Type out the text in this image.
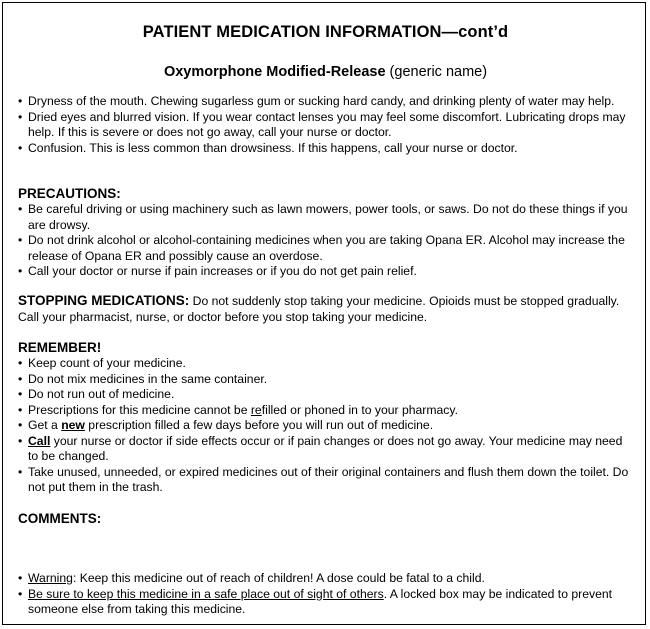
PATIENT MEDICATION INFORMATION—cont’d
Oxymorphone Modified-Release (generic name)
• Dryness of the mouth. Chewing sugarless gum or sucking hard candy, and drinking plenty of water may help.
• Dried eyes and blurred vision. If you wear contact lenses you may feel some discomfort. Lubricating drops may help. If this is severe or does not go away, call your nurse or doctor.
• Confusion. This is less common than drowsiness. If this happens, call your nurse or doctor.
PRECAUTIONS:
• Be careful driving or using machinery such as lawn mowers, power tools, or saws. Do not do these things if you are drowsy.
• Do not drink alcohol or alcohol-containing medicines when you are taking Opana ER. Alcohol may increase the release of Opana ER and possibly cause an overdose.
• Call your doctor or nurse if pain increases or if you do not get pain relief.
STOPPING MEDICATIONS: Do not suddenly stop taking your medicine. Opioids must be stopped gradually. Call your pharmacist, nurse, or doctor before you stop taking your medicine.
REMEMBER!
• Keep count of your medicine.
• Do not mix medicines in the same container.
• Do not run out of medicine.
• Prescriptions for this medicine cannot be refilled or phoned in to your pharmacy.
• Get a new prescription filled a few days before you will run out of medicine.
• Call your nurse or doctor if side effects occur or if pain changes or does not go away. Your medicine may need to be changed.
• Take unused, unneeded, or expired medicines out of their original containers and flush them down the toilet. Do not put them in the trash.
COMMENTS:
• Warning: Keep this medicine out of reach of children! A dose could be fatal to a child.
• Be sure to keep this medicine in a safe place out of sight of others. A locked box may be indicated to prevent someone else from taking this medicine.
